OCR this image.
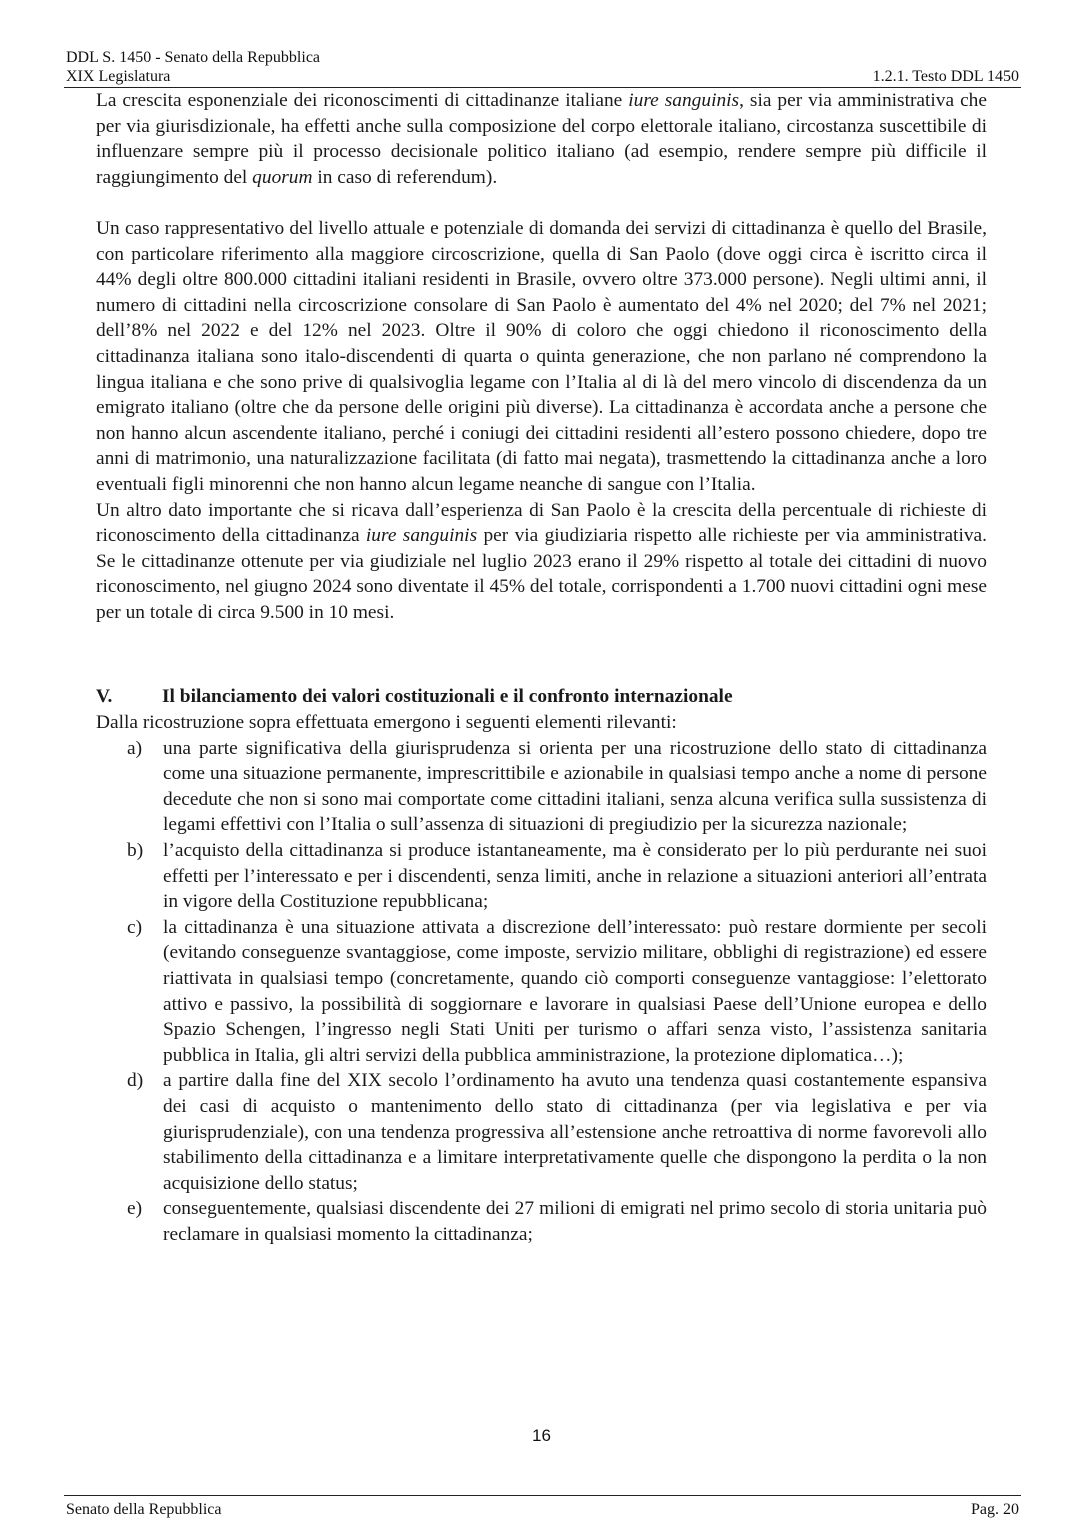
DDL S. 1450 - Senato della Repubblica
XIX Legislatura	1.2.1. Testo DDL 1450

La crescita esponenziale dei riconoscimenti di cittadinanze italiane iure sanguinis, sia per via amministrativa che per via giurisdizionale, ha effetti anche sulla composizione del corpo elettorale italiano, circostanza suscettibile di influenzare sempre più il processo decisionale politico italiano (ad esempio, rendere sempre più difficile il raggiungimento del quorum in caso di referendum).

Un caso rappresentativo del livello attuale e potenziale di domanda dei servizi di cittadinanza è quello del Brasile, con particolare riferimento alla maggiore circoscrizione, quella di San Paolo (dove oggi circa è iscritto circa il 44% degli oltre 800.000 cittadini italiani residenti in Brasile, ovvero oltre 373.000 persone). Negli ultimi anni, il numero di cittadini nella circoscrizione consolare di San Paolo è aumentato del 4% nel 2020; del 7% nel 2021; dell’8% nel 2022 e del 12% nel 2023. Oltre il 90% di coloro che oggi chiedono il riconoscimento della cittadinanza italiana sono italo-discendenti di quarta o quinta generazione, che non parlano né comprendono la lingua italiana e che sono prive di qualsivoglia legame con l’Italia al di là del mero vincolo di discendenza da un emigrato italiano (oltre che da persone delle origini più diverse). La cittadinanza è accordata anche a persone che non hanno alcun ascendente italiano, perché i coniugi dei cittadini residenti all’estero possono chiedere, dopo tre anni di matrimonio, una naturalizzazione facilitata (di fatto mai negata), trasmettendo la cittadinanza anche a loro eventuali figli minorenni che non hanno alcun legame neanche di sangue con l’Italia.

Un altro dato importante che si ricava dall’esperienza di San Paolo è la crescita della percentuale di richieste di riconoscimento della cittadinanza iure sanguinis per via giudiziaria rispetto alle richieste per via amministrativa. Se le cittadinanze ottenute per via giudiziale nel luglio 2023 erano il 29% rispetto al totale dei cittadini di nuovo riconoscimento, nel giugno 2024 sono diventate il 45% del totale, corrispondenti a 1.700 nuovi cittadini ogni mese per un totale di circa 9.500 in 10 mesi.

V.	Il bilanciamento dei valori costituzionali e il confronto internazionale

Dalla ricostruzione sopra effettuata emergono i seguenti elementi rilevanti:

a)	una parte significativa della giurisprudenza si orienta per una ricostruzione dello stato di cittadinanza come una situazione permanente, imprescrittibile e azionabile in qualsiasi tempo anche a nome di persone decedute che non si sono mai comportate come cittadini italiani, senza alcuna verifica sulla sussistenza di legami effettivi con l’Italia o sull’assenza di situazioni di pregiudizio per la sicurezza nazionale;
b)	l’acquisto della cittadinanza si produce istantaneamente, ma è considerato per lo più perdurante nei suoi effetti per l’interessato e per i discendenti, senza limiti, anche in relazione a situazioni anteriori all’entrata in vigore della Costituzione repubblicana;
c)	la cittadinanza è una situazione attivata a discrezione dell’interessato: può restare dormiente per secoli (evitando conseguenze svantaggiose, come imposte, servizio militare, obblighi di registrazione) ed essere riattivata in qualsiasi tempo (concretamente, quando ciò comporti conseguenze vantaggiose: l’elettorato attivo e passivo, la possibilità di soggiornare e lavorare in qualsiasi Paese dell’Unione europea e dello Spazio Schengen, l’ingresso negli Stati Uniti per turismo o affari senza visto, l’assistenza sanitaria pubblica in Italia, gli altri servizi della pubblica amministrazione, la protezione diplomatica…);
d)	a partire dalla fine del XIX secolo l’ordinamento ha avuto una tendenza quasi costantemente espansiva dei casi di acquisto o mantenimento dello stato di cittadinanza (per via legislativa e per via giurisprudenziale), con una tendenza progressiva all’estensione anche retroattiva di norme favorevoli allo stabilimento della cittadinanza e a limitare interpretativamente quelle che dispongono la perdita o la non acquisizione dello status;
e)	conseguentemente, qualsiasi discendente dei 27 milioni di emigrati nel primo secolo di storia unitaria può reclamare in qualsiasi momento la cittadinanza;
16
Senato della Repubblica	Pag. 20
